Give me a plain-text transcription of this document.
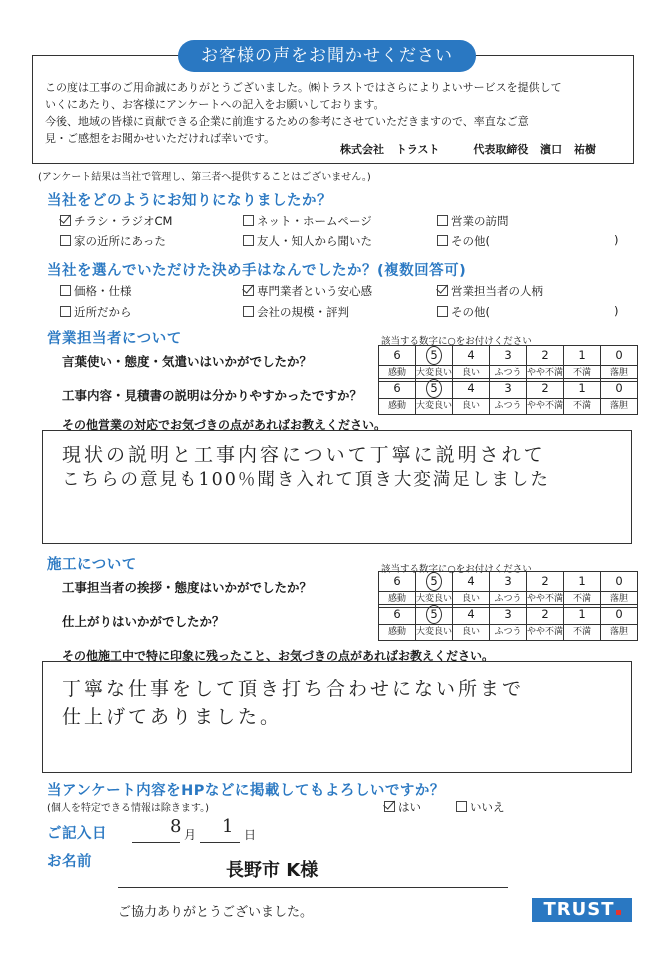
お客様の声をお聞かせください
この度は工事のご用命誠にありがとうございました。㈱トラストではさらによりよいサービスを提供して
いくにあたり、お客様にアンケートへの記入をお願いしております。
今後、地域の皆様に貢献できる企業に前進するための参考にさせていただきますので、率直なご意
見・ご感想をお聞かせいただければ幸いです。
株式会社 トラスト	代表取締役 濱口 祐樹
(アンケート結果は当社で管理し、第三者へ提供することはございません。)
当社をどのようにお知りになりましたか？
チラシ・ラジオCM	ネット・ホームページ	営業の訪問
家の近所にあった	友人・知人から聞いた	その他(	)
当社を選んでいただけた決め手はなんでしたか？(複数回答可)
価格・仕様	専門業者という安心感	営業担当者の人柄
近所だから	会社の規模・評判	その他(	)
営業担当者について	該当する数字に○をお付けください
言葉使い・態度・気遣いはいかがでしたか？
工事内容・見積書の説明は分かりやすかったですか？
6	5	4	3	2	1	0
感動	大変良い	良い	ふつう	やや不満	不満	落胆
6	5	4	3	2	1	0
感動	大変良い	良い	ふつう	やや不満	不満	落胆
その他営業の対応でお気づきの点があればお教えください。
現状の説明と工事内容について丁寧に説明されて
こちらの意見も100％聞き入れて頂き大変満足しました
施工について	該当する数字に○をお付けください
工事担当者の挨拶・態度はいかがでしたか？
仕上がりはいかがでしたか？
6	5	4	3	2	1	0
感動	大変良い	良い	ふつう	やや不満	不満	落胆
6	5	4	3	2	1	0
感動	大変良い	良い	ふつう	やや不満	不満	落胆
その他施工中で特に印象に残ったこと、お気づきの点があればお教えください。
丁寧な仕事をして頂き打ち合わせにない所まで
仕上げてありました。
当アンケート内容をHPなどに掲載してもよろしいですか？
(個人を特定できる情報は除きます。)	はい	いいえ
ご記入日	8 月 1 日
お名前	長野市 K様
ご協力ありがとうございました。	TRUST
